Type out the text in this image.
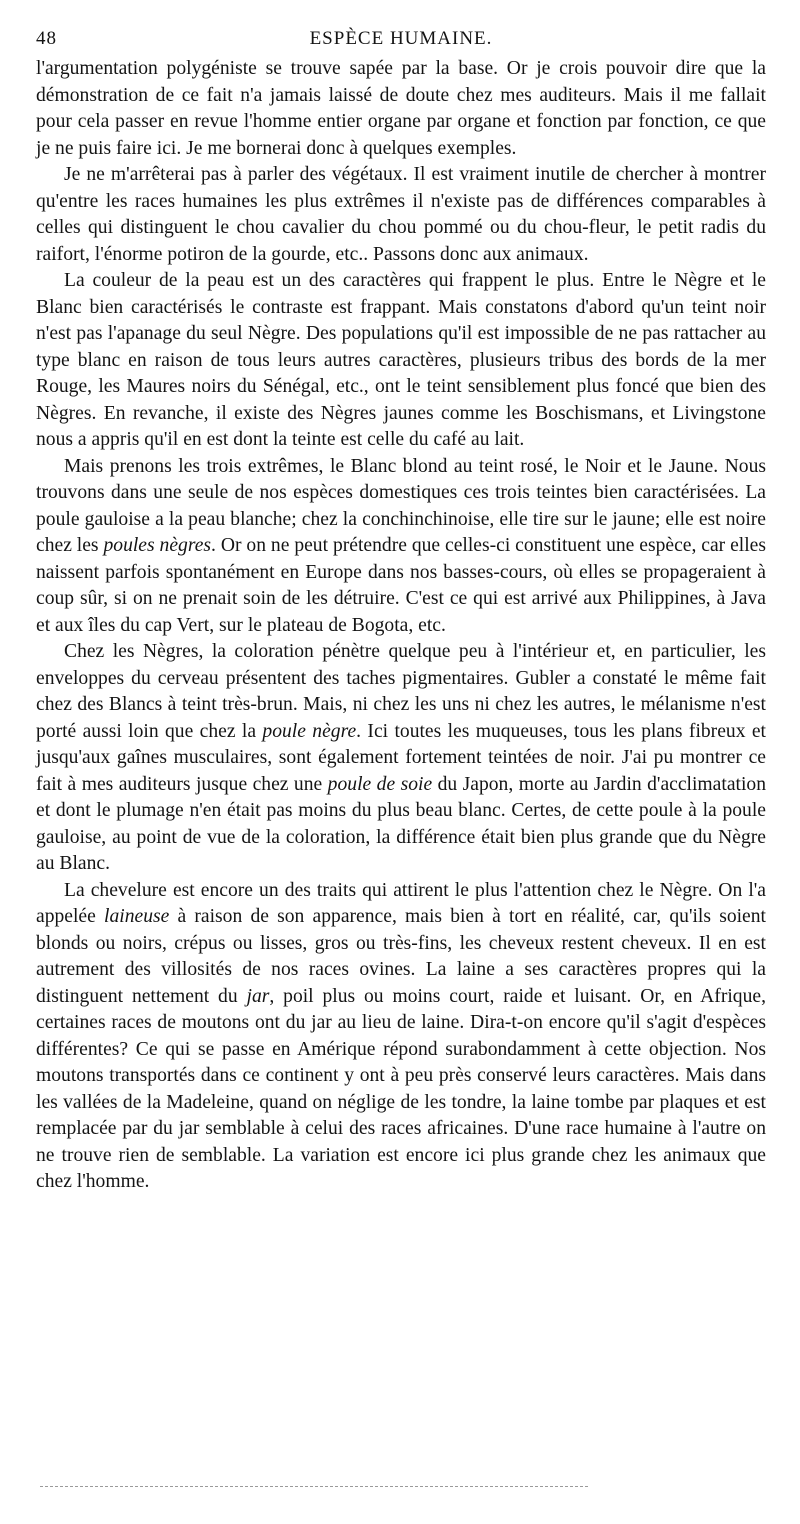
48	ESPÈCE HUMAINE.

l'argumentation polygéniste se trouve sapée par la base. Or je crois pouvoir dire que la démonstration de ce fait n'a jamais laissé de doute chez mes auditeurs. Mais il me fallait pour cela passer en revue l'homme entier organe par organe et fonction par fonction, ce que je ne puis faire ici. Je me bornerai donc à quelques exemples.

Je ne m'arrêterai pas à parler des végétaux. Il est vraiment inutile de chercher à montrer qu'entre les races humaines les plus extrêmes il n'existe pas de différences comparables à celles qui distinguent le chou cavalier du chou pommé ou du chou-fleur, le petit radis du raifort, l'énorme potiron de la gourde, etc.. Passons donc aux animaux.

La couleur de la peau est un des caractères qui frappent le plus. Entre le Nègre et le Blanc bien caractérisés le contraste est frappant. Mais constatons d'abord qu'un teint noir n'est pas l'apanage du seul Nègre. Des populations qu'il est impossible de ne pas rattacher au type blanc en raison de tous leurs autres caractères, plusieurs tribus des bords de la mer Rouge, les Maures noirs du Sénégal, etc., ont le teint sensiblement plus foncé que bien des Nègres. En revanche, il existe des Nègres jaunes comme les Boschismans, et Livingstone nous a appris qu'il en est dont la teinte est celle du café au lait.

Mais prenons les trois extrêmes, le Blanc blond au teint rosé, le Noir et le Jaune. Nous trouvons dans une seule de nos espèces domestiques ces trois teintes bien caractérisées. La poule gauloise a la peau blanche; chez la conchinchinoise, elle tire sur le jaune; elle est noire chez les poules nègres. Or on ne peut prétendre que celles-ci constituent une espèce, car elles naissent parfois spontanément en Europe dans nos basses-cours, où elles se propageraient à coup sûr, si on ne prenait soin de les détruire. C'est ce qui est arrivé aux Philippines, à Java et aux îles du cap Vert, sur le plateau de Bogota, etc.

Chez les Nègres, la coloration pénètre quelque peu à l'intérieur et, en particulier, les enveloppes du cerveau présentent des taches pigmentaires. Gubler a constaté le même fait chez des Blancs à teint très-brun. Mais, ni chez les uns ni chez les autres, le mélanisme n'est porté aussi loin que chez la poule nègre. Ici toutes les muqueuses, tous les plans fibreux et jusqu'aux gaînes musculaires, sont également fortement teintées de noir. J'ai pu montrer ce fait à mes auditeurs jusque chez une poule de soie du Japon, morte au Jardin d'acclimatation et dont le plumage n'en était pas moins du plus beau blanc. Certes, de cette poule à la poule gauloise, au point de vue de la coloration, la différence était bien plus grande que du Nègre au Blanc.

La chevelure est encore un des traits qui attirent le plus l'attention chez le Nègre. On l'a appelée laineuse à raison de son apparence, mais bien à tort en réalité, car, qu'ils soient blonds ou noirs, crépus ou lisses, gros ou très-fins, les cheveux restent cheveux. Il en est autrement des villosités de nos races ovines. La laine a ses caractères propres qui la distinguent nettement du jar, poil plus ou moins court, raide et luisant. Or, en Afrique, certaines races de moutons ont du jar au lieu de laine. Dira-t-on encore qu'il s'agit d'espèces différentes? Ce qui se passe en Amérique répond surabondamment à cette objection. Nos moutons transportés dans ce continent y ont à peu près conservé leurs caractères. Mais dans les vallées de la Madeleine, quand on néglige de les tondre, la laine tombe par plaques et est remplacée par du jar semblable à celui des races africaines. D'une race humaine à l'autre on ne trouve rien de semblable. La variation est encore ici plus grande chez les animaux que chez l'homme.
